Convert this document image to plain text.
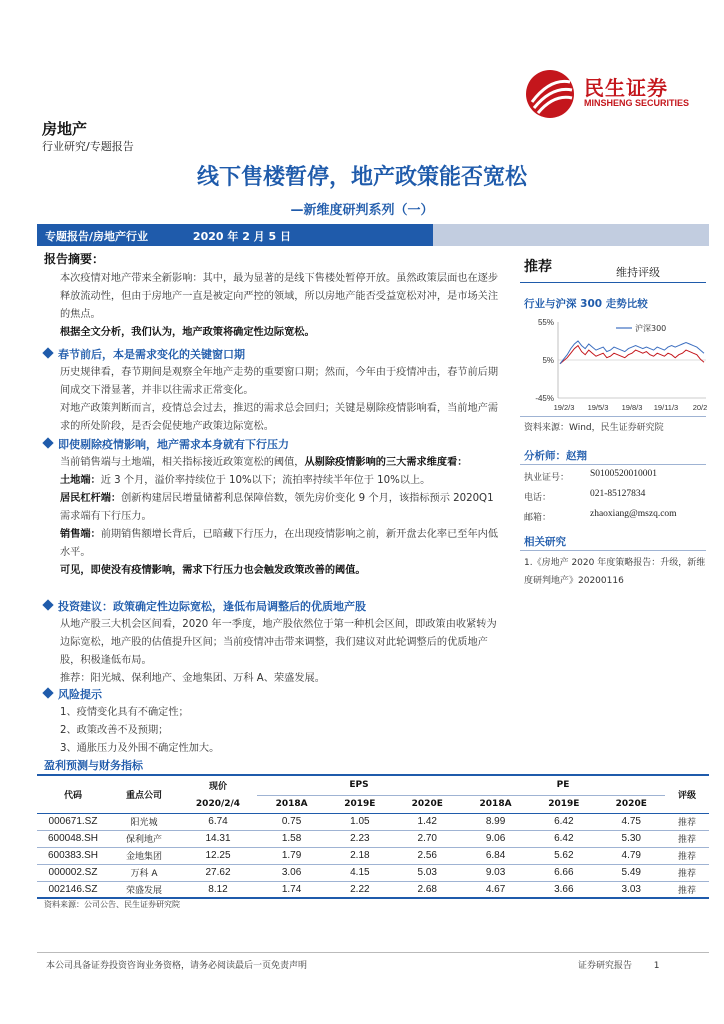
民生证券
MINSHENG SECURITIES
房地产
行业研究/专题报告
线下售楼暂停，地产政策能否宽松
—新维度研判系列（一）
专题报告/房地产行业	2020 年 2 月 5 日
报告摘要：
本次疫情对地产带来全新影响：其中，最为显著的是线下售楼处暂停开放。虽然政策层面也在逐步释放流动性，但由于房地产一直是被定向严控的领域，所以房地产能否受益宽松对冲，是市场关注的焦点。
根据全文分析，我们认为，地产政策将确定性边际宽松。
春节前后，本是需求变化的关键窗口期
历史规律看，春节期间是观察全年地产走势的重要窗口期；然而，今年由于疫情冲击，春节前后期间成交下滑显著，并非以往需求正常变化。
对地产政策判断而言，疫情总会过去，推迟的需求总会回归；关键是剔除疫情影响看，当前地产需求的所处阶段，是否会促使地产政策边际宽松。
即使剔除疫情影响，地产需求本身就有下行压力
当前销售端与土地端，相关指标接近政策宽松的阈值，从剔除疫情影响的三大需求维度看：
土地端：近 3 个月，溢价率持续位于 10%以下；流拍率持续半年位于 10%以上。
居民杠杆端：创新构建居民增量储蓄利息保障倍数，领先房价变化 9 个月，该指标预示 2020Q1 需求端有下行压力。
销售端：前期销售额增长背后，已暗藏下行压力，在出现疫情影响之前，新开盘去化率已至年内低水平。
可见，即使没有疫情影响，需求下行压力也会触发政策改善的阈值。
投资建议：政策确定性边际宽松，逢低布局调整后的优质地产股
从地产股三大机会区间看，2020 年一季度，地产股依然位于第一种机会区间，即政策由收紧转为边际宽松，地产股的估值提升区间；当前疫情冲击带来调整，我们建议对此轮调整后的优质地产股，积极逢低布局。
推荐：阳光城、保利地产、金地集团、万科 A、荣盛发展。
风险提示
1、疫情变化具有不确定性；
2、政策改善不及预期；
3、通胀压力及外围不确定性加大。
推荐	维持评级
行业与沪深 300 走势比较
55%
5%
-45%
19/2/3 19/5/3 19/8/3 19/11/3 20/2
沪深300
资料来源：Wind，民生证券研究院
分析师：赵翔
执业证号： S0100520010001
电话：	021-85127834
邮箱：	zhaoxiang@mszq.com
相关研究
1.《房地产 2020 年度策略报告：升级，新维度研判地产》20200116
盈利预测与财务指标
代码	重点公司	现价	EPS			PE			评级
		2020/2/4	2018A	2019E	2020E	2018A	2019E	2020E	
000671.SZ	阳光城	6.74	0.75	1.05	1.42	8.99	6.42	4.75	推荐
600048.SH	保利地产	14.31	1.58	2.23	2.70	9.06	6.42	5.30	推荐
600383.SH	金地集团	12.25	1.79	2.18	2.56	6.84	5.62	4.79	推荐
000002.SZ	万科 A	27.62	3.06	4.15	5.03	9.03	6.66	5.49	推荐
002146.SZ	荣盛发展	8.12	1.74	2.22	2.68	4.67	3.66	3.03	推荐
资料来源：公司公告、民生证券研究院
本公司具备证券投资咨询业务资格，请务必阅读最后一页免责声明	证券研究报告 1
